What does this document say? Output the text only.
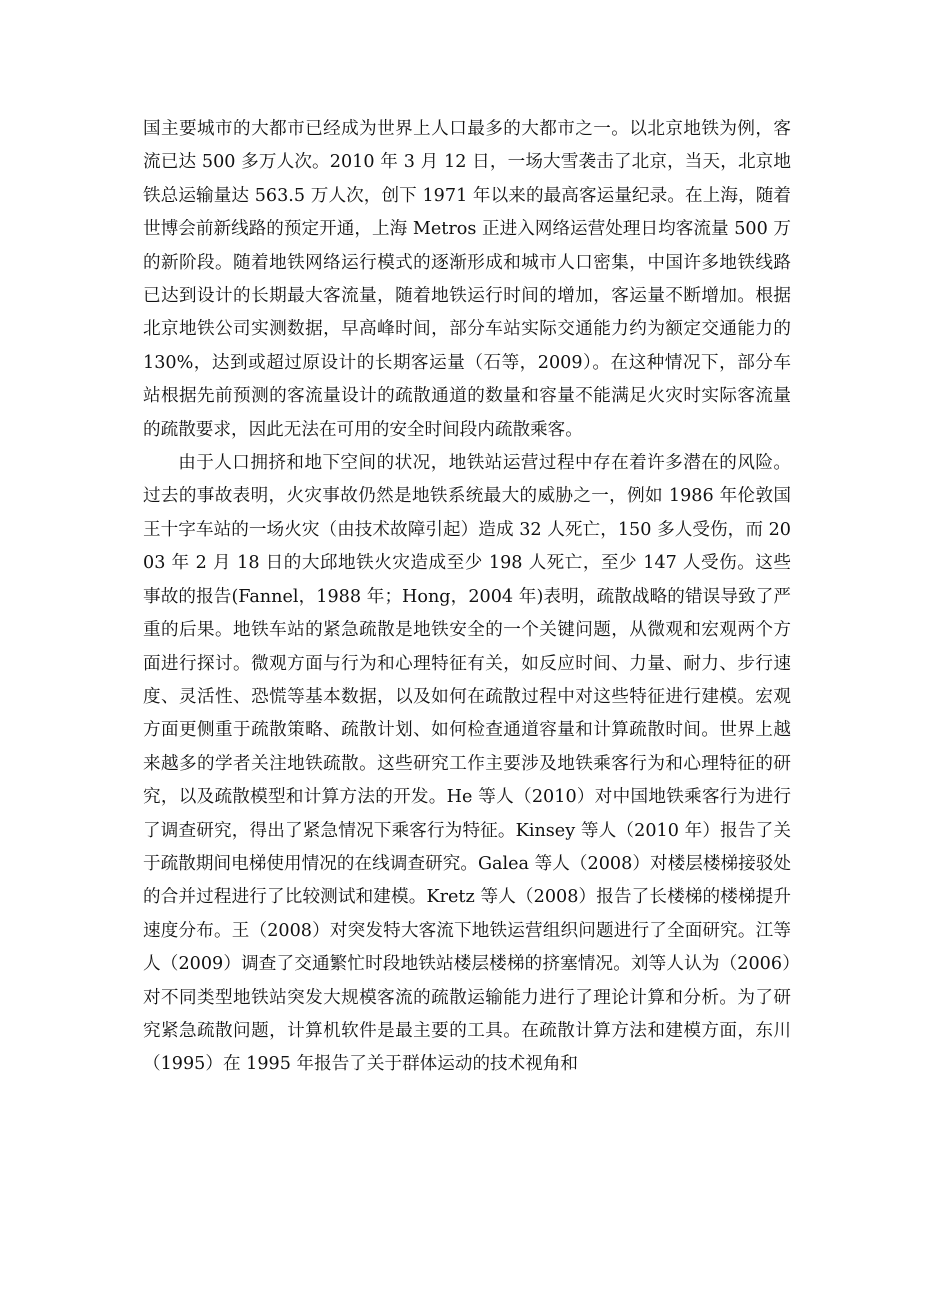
国主要城市的大都市已经成为世界上人口最多的大都市之一。以北京地铁为例，客流已达 500 多万人次。2010 年 3 月 12 日，一场大雪袭击了北京，当天，北京地铁总运输量达 563.5 万人次，创下 1971 年以来的最高客运量纪录。在上海，随着世博会前新线路的预定开通，上海 Metros 正进入网络运营处理日均客流量 500 万的新阶段。随着地铁网络运行模式的逐渐形成和城市人口密集，中国许多地铁线路已达到设计的长期最大客流量，随着地铁运行时间的增加，客运量不断增加。根据北京地铁公司实测数据，早高峰时间，部分车站实际交通能力约为额定交通能力的 130%，达到或超过原设计的长期客运量（石等，2009）。在这种情况下，部分车站根据先前预测的客流量设计的疏散通道的数量和容量不能满足火灾时实际客流量的疏散要求，因此无法在可用的安全时间段内疏散乘客。

由于人口拥挤和地下空间的状况，地铁站运营过程中存在着许多潜在的风险。过去的事故表明，火灾事故仍然是地铁系统最大的威胁之一，例如 1986 年伦敦国王十字车站的一场火灾（由技术故障引起）造成 32 人死亡，150 多人受伤，而 2003 年 2 月 18 日的大邱地铁火灾造成至少 198 人死亡，至少 147 人受伤。这些事故的报告(Fannel，1988 年；Hong，2004 年)表明，疏散战略的错误导致了严重的后果。地铁车站的紧急疏散是地铁安全的一个关键问题，从微观和宏观两个方面进行探讨。微观方面与行为和心理特征有关，如反应时间、力量、耐力、步行速度、灵活性、恐慌等基本数据，以及如何在疏散过程中对这些特征进行建模。宏观方面更侧重于疏散策略、疏散计划、如何检查通道容量和计算疏散时间。世界上越来越多的学者关注地铁疏散。这些研究工作主要涉及地铁乘客行为和心理特征的研究，以及疏散模型和计算方法的开发。He 等人（2010）对中国地铁乘客行为进行了调查研究，得出了紧急情况下乘客行为特征。Kinsey 等人（2010 年）报告了关于疏散期间电梯使用情况的在线调查研究。Galea 等人（2008）对楼层楼梯接驳处的合并过程进行了比较测试和建模。Kretz 等人（2008）报告了长楼梯的楼梯提升速度分布。王（2008）对突发特大客流下地铁运营组织问题进行了全面研究。江等人（2009）调查了交通繁忙时段地铁站楼层楼梯的挤塞情况。刘等人认为（2006）对不同类型地铁站突发大规模客流的疏散运输能力进行了理论计算和分析。为了研究紧急疏散问题，计算机软件是最主要的工具。在疏散计算方法和建模方面，东川（1995）在 1995 年报告了关于群体运动的技术视角和
